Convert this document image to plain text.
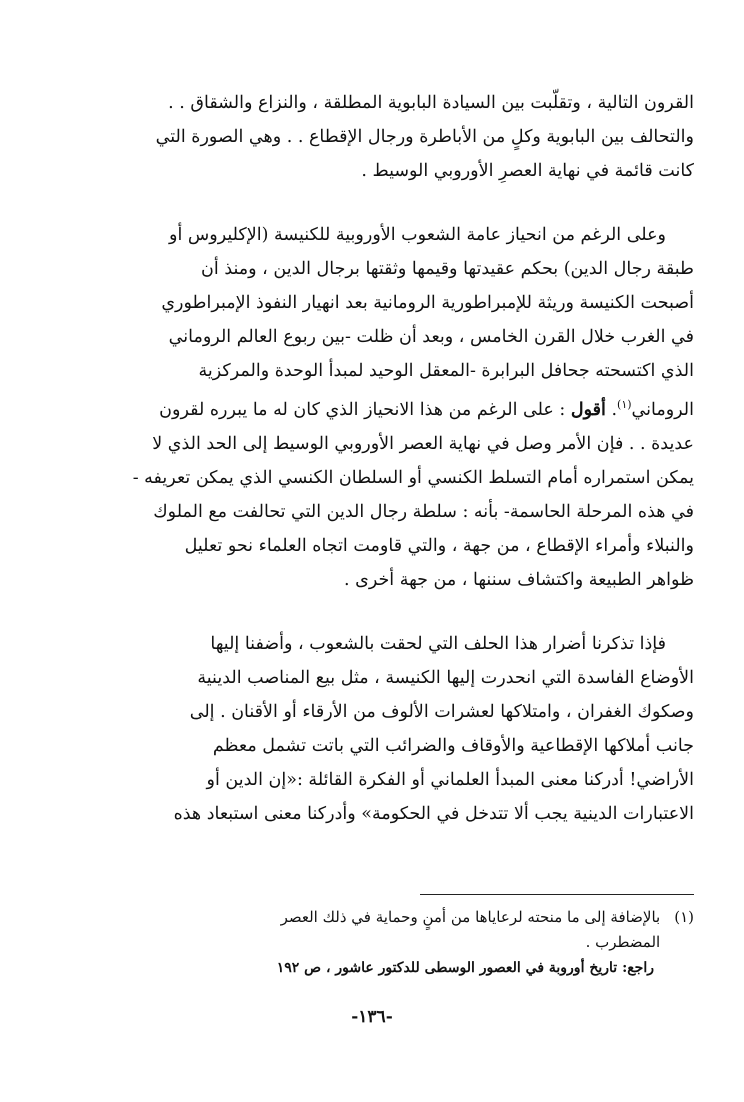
القرون التالية ، وتقلّبت بين السيادة البابوية المطلقة ، والنزاع والشقاق . .
والتحالف بين البابوية وكلٍ من الأباطرة ورجال الإقطاع . . وهي الصورة التي
كانت قائمة في نهاية العصرِ الأوروبي الوسيط .

وعلى الرغم من انحياز عامة الشعوب الأوروبية للكنيسة (الإكليروس أو
طبقة رجال الدين) بحكم عقيدتها وقيمها وثقتها برجال الدين ، ومنذ أن
أصبحت الكنيسة وريثة للإمبراطورية الرومانية بعد انهيار النفوذ الإمبراطوري
في الغرب خلال القرن الخامس ، وبعد أن ظلت -بين ربوع العالم الروماني
الذي اكتسحته جحافل البرابرة -المعقل الوحيد لمبدأ الوحدة والمركزية
الروماني$^{(١)}$. أقول : على الرغم من هذا الانحياز الذي كان له ما يبرره لقرون
عديدة . . فإن الأمر وصل في نهاية العصر الأوروبي الوسيط إلى الحد الذي لا
يمكن استمراره أمام التسلط الكنسي أو السلطان الكنسي الذي يمكن تعريفه -
في هذه المرحلة الحاسمة- بأنه : سلطة رجال الدين التي تحالفت مع الملوك
والنبلاء وأمراء الإقطاع ، من جهة ، والتي قاومت اتجاه العلماء نحو تعليل
ظواهر الطبيعة واكتشاف سننها ، من جهة أخرى .

فإذا تذكرنا أضرار هذا الحلف التي لحقت بالشعوب ، وأضفنا إليها
الأوضاع الفاسدة التي انحدرت إليها الكنيسة ، مثل بيع المناصب الدينية
وصكوك الغفران ، وامتلاكها لعشرات الألوف من الأرقاء أو الأقنان . إلى
جانب أملاكها الإقطاعية والأوقاف والضرائب التي باتت تشمل معظم
الأراضي! أدركنا معنى المبدأ العلماني أو الفكرة القائلة :«إن الدين أو
الاعتبارات الدينية يجب ألا تتدخل في الحكومة» وأدركنا معنى استبعاد هذه

(١)
بالإضافة إلى ما منحته لرعاياها من أمنٍ وحماية في ذلك العصر
المضطرب .

راجع: تاريخ أوروبة في العصور الوسطى للدكتور عاشور ، ص ١٩٢

-١٣٦-
